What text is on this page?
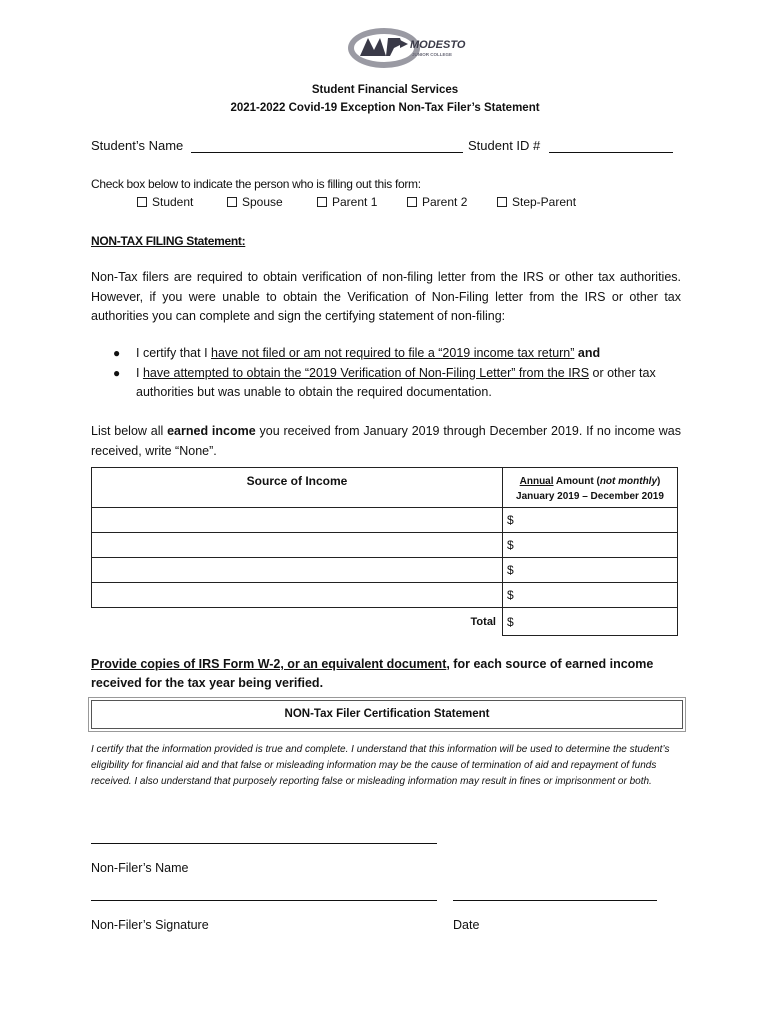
MODESTO
JUNIOR COLLEGE
Student Financial Services
2021-2022 Covid-19 Exception Non-Tax Filer’s Statement
Student’s Name	Student ID #
Check box below to indicate the person who is filling out this form:
Student	Spouse	Parent 1	Parent 2	Step-Parent
NON-TAX FILING Statement:
Non-Tax filers are required to obtain verification of non-filing letter from the IRS or other tax authorities. However, if you were unable to obtain the Verification of Non-Filing letter from the IRS or other tax authorities you can complete and sign the certifying statement of non-filing:
●	I certify that I have not filed or am not required to file a “2019 income tax return” and
●	I have attempted to obtain the “2019 Verification of Non-Filing Letter” from the IRS or other tax authorities but was unable to obtain the required documentation.
List below all earned income you received from January 2019 through December 2019. If no income was received, write “None”.
Source of Income	Annual Amount (not monthly)
January 2019 – December 2019
	$
	$
	$
	$
Total	$
Provide copies of IRS Form W-2, or an equivalent document, for each source of earned income received for the tax year being verified.
NON-Tax Filer Certification Statement
I certify that the information provided is true and complete. I understand that this information will be used to determine the student’s eligibility for financial aid and that false or misleading information may be the cause of termination of aid and repayment of funds received. I also understand that purposely reporting false or misleading information may result in fines or imprisonment or both.
Non-Filer’s Name
Non-Filer’s Signature	Date
